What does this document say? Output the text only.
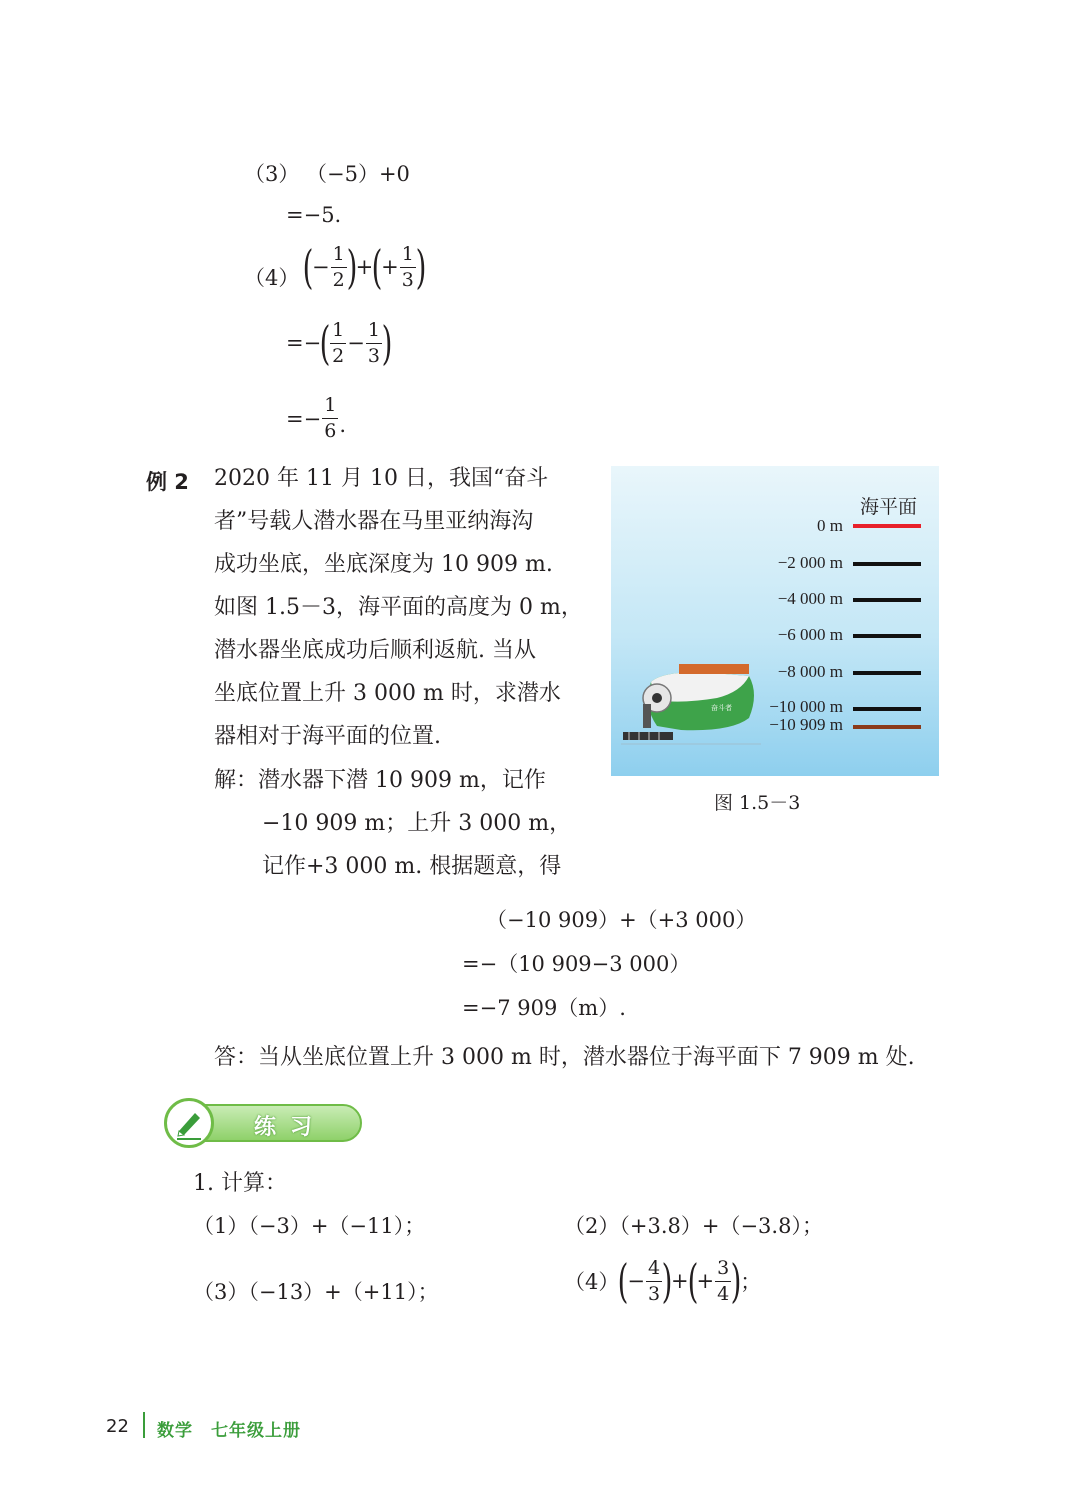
（3） （−5）+0
=−5.
（4） (
− $\frac{1}{2}$ )
+
(
+ $\frac{1}{3}$ )
= −
( $\frac{1}{2} - \frac{1}{3}$ )
= − $\frac{1}{6}$ .
例 2 2020 年 11 月 10 日，我国“奋斗
者”号载人潜水器在马里亚纳海沟
成功坐底，坐底深度为 10 909 m.
如图 1.5－3，海平面的高度为 0 m，
潜水器坐底成功后顺利返航. 当从
坐底位置上升 3 000 m 时，求潜水
器相对于海平面的位置.
解：潜水器下潜 10 909 m，记作
−10 909 m；上升 3 000 m，
记作+3 000 m. 根据题意，得
（−10 909）+（+3 000）
=−（10 909−3 000）
=−7 909（m）.
答：当从坐底位置上升 3 000 m 时，潜水器位于海平面下 7 909 m 处.
海平面
0 m
−2 000 m
−4 000 m
−6 000 m
−8 000 m
−10 000 m
−10 909 m
奋斗者
图 1.5－3
练习
1. 计算：
（1）（−3）+（−11）；	（2）（+3.8）+（−3.8）；
（3）（−13）+（+11）；	（4）
(
− $\frac{4}{3}$ )
+
(
+ $\frac{3}{4}$ )
；
22 数学　七年级上册
